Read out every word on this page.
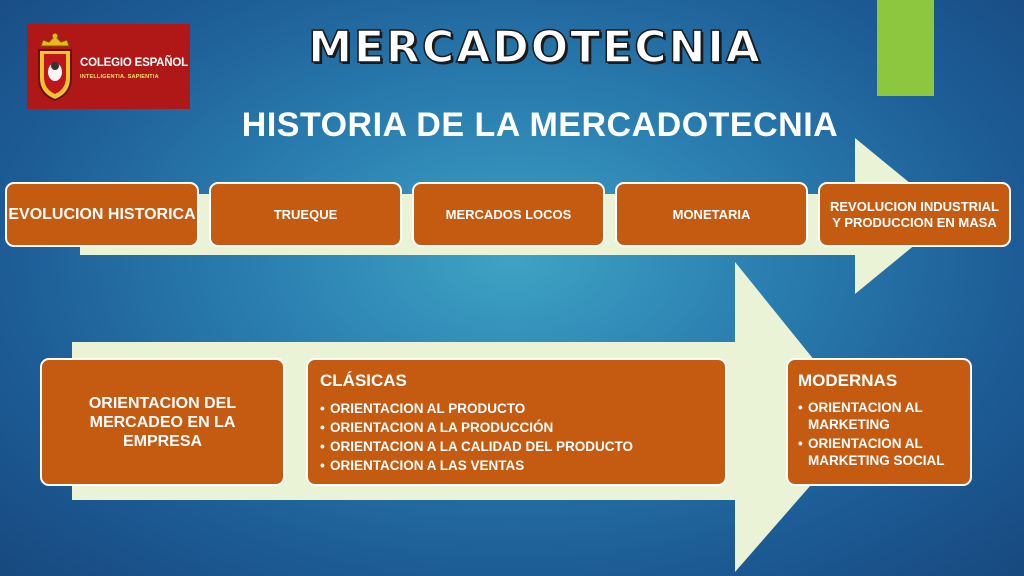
COLEGIO ESPAÑOL
INTELLIGENTIA. SAPIENTIA
MERCADOTECNIA
HISTORIA DE LA MERCADOTECNIA
EVOLUCION HISTORICA	TRUEQUE	MERCADOS LOCOS	MONETARIA
REVOLUCION INDUSTRIAL Y PRODUCCION EN MASA
ORIENTACION DEL MERCADEO EN LA EMPRESA
CLÁSICAS
• ORIENTACION AL PRODUCTO
• ORIENTACION A LA PRODUCCIÓN
• ORIENTACION A LA CALIDAD DEL PRODUCTO
• ORIENTACION A LAS VENTAS
MODERNAS
• ORIENTACION AL MARKETING
• ORIENTACION AL MARKETING SOCIAL
